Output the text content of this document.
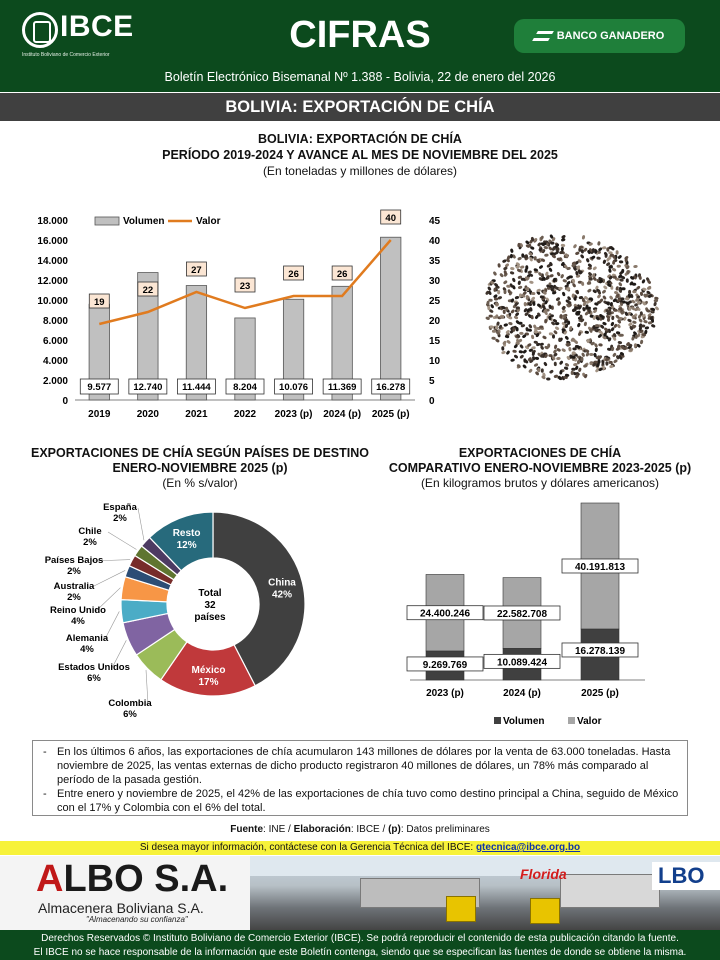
IBCE
Instituto Boliviano de Comercio Exterior	CIFRAS	BANCO GANADERO
Boletín Electrónico Bisemanal Nº 1.388 - Bolivia, 22 de enero del 2026
BOLIVIA: EXPORTACIÓN DE CHÍA
BOLIVIA: EXPORTACIÓN DE CHÍA
PERÍODO 2019-2024 Y AVANCE AL MES DE NOVIEMBRE DEL 2025
(En toneladas y millones de dólares)
0
2.000
4.000
6.000
8.000
10.000
12.000
14.000
16.000
18.000
0
5
10
15
20
25
30
35
40
45
2019
9.577
2020
12.740
2021
11.444
2022
8.204
2023 (p)
10.076
2024 (p)
11.369
2025 (p)
16.278
19
22
27
23
26	26
40
Volumen	Valor
EXPORTACIONES DE CHÍA SEGÚN PAÍSES DE DESTINO
ENERO-NOVIEMBRE 2025 (p)
(En % s/valor)
China
42%
México
17%
Colombia
6%
Estados Unidos
6%
Alemania
4%
Reino Unido
4%
Australia
2%
Países Bajos
2%
Chile
2%
España
2%
Resto
12%
Total
32
países
EXPORTACIONES DE CHÍA
COMPARATIVO ENERO-NOVIEMBRE 2023-2025 (p)
(En kilogramos brutos y dólares americanos)
2023 (p)
9.269.769
24.400.246
2024 (p)
10.089.424
22.582.708
2025 (p)
16.278.139
40.191.813
Volumen	Valor
- En los últimos 6 años, las exportaciones de chía acumularon 143 millones de dólares por la venta de 63.000 toneladas. Hasta noviembre de 2025, las ventas externas de dicho producto registraron 40 millones de dólares, un 78% más comparado al período de la pasada gestión.
- Entre enero y noviembre de 2025, el 42% de las exportaciones de chía tuvo como destino principal a China, seguido de México con el 17% y Colombia con el 6% del total.
Fuente: INE / Elaboración: IBCE / (p): Datos preliminares
Si desea mayor información, contáctese con la Gerencia Técnica del IBCE: gtecnica@ibce.org.bo
Florida	LBO
ALBO S.A.
Almacenera Boliviana S.A.
"Almacenando su confianza"
Derechos Reservados © Instituto Boliviano de Comercio Exterior (IBCE). Se podrá reproducir el contenido de esta publicación citando la fuente.
El IBCE no se hace responsable de la información que este Boletín contenga, siendo que se especifican las fuentes de donde se obtiene la misma.
